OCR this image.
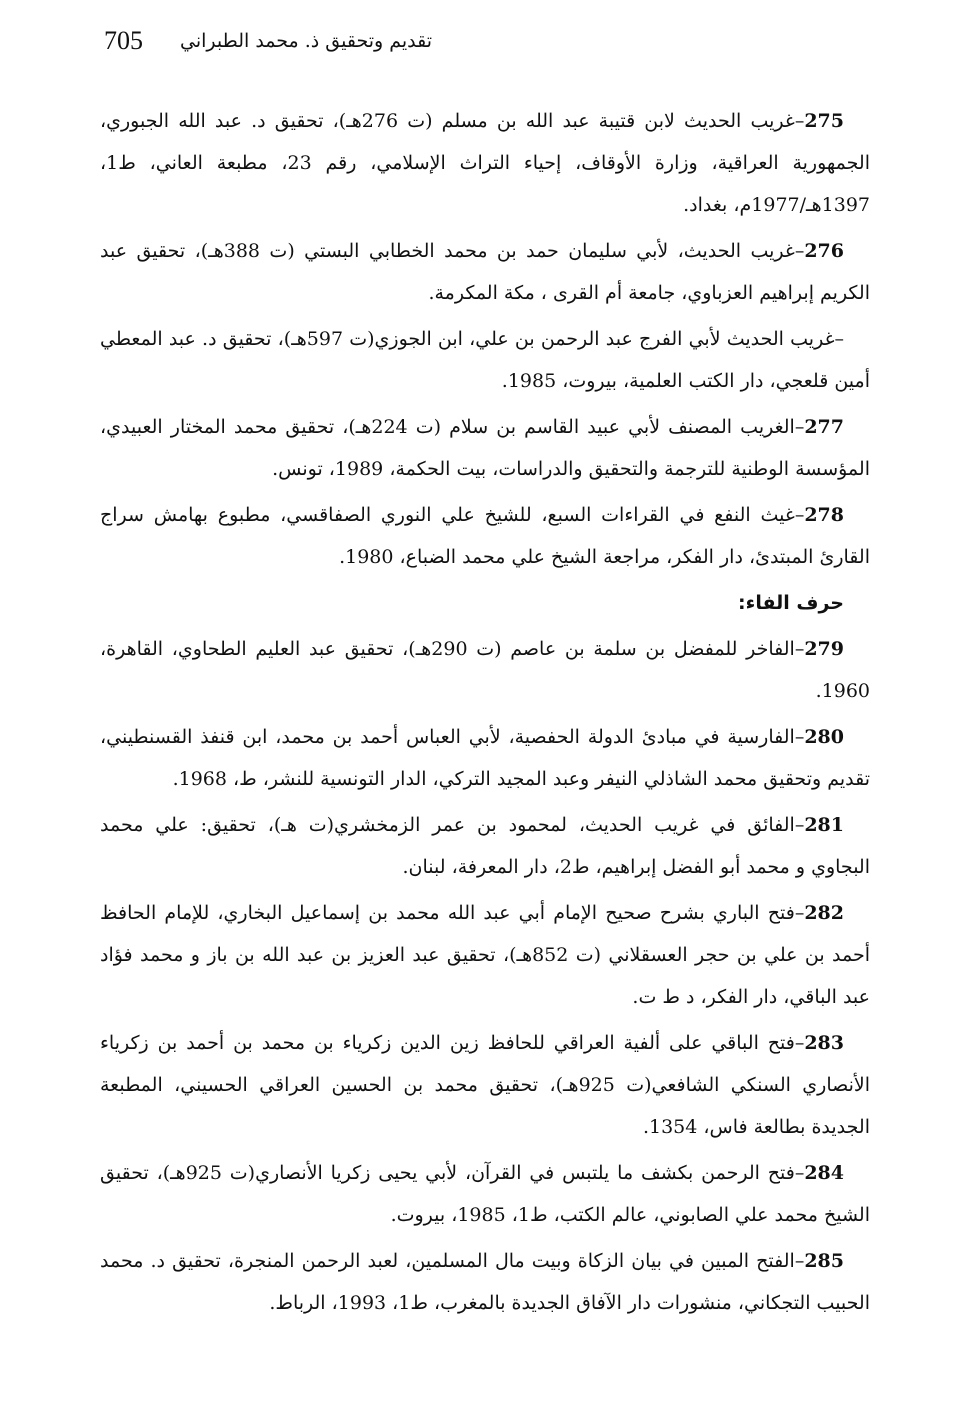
705 تقديم وتحقيق ذ. محمد الطبراني

275–غريب الحديث لابن قتيبة عبد الله بن مسلم (ت 276هـ)، تحقيق د. عبد الله الجبوري، الجمهورية العراقية، وزارة الأوقاف، إحياء التراث الإسلامي، رقم 23، مطبعة العاني، ط1، 1397هـ/1977م، بغداد.

276–غريب الحديث، لأبي سليمان حمد بن محمد الخطابي البستي (ت 388هـ)، تحقيق عبد الكريم إبراهيم العزباوي، جامعة أم القرى ، مكة المكرمة.

–غريب الحديث لأبي الفرج عبد الرحمن بن علي، ابن الجوزي(ت 597هـ)، تحقيق د. عبد المعطي أمين قلعجي، دار الكتب العلمية، بيروت، 1985.

277–الغريب المصنف لأبي عبيد القاسم بن سلام (ت 224هـ)، تحقيق محمد المختار العبيدي، المؤسسة الوطنية للترجمة والتحقيق والدراسات، بيت الحكمة، 1989، تونس.

278–غيث النفع في القراءات السبع، للشيخ علي النوري الصفاقسي، مطبوع بهامش سراج القارئ المبتدئ، دار الفكر، مراجعة الشيخ علي محمد الضباع، 1980.

حرف الفاء:

279–الفاخر للمفضل بن سلمة بن عاصم (ت 290هـ)، تحقيق عبد العليم الطحاوي، القاهرة، 1960.

280–الفارسية في مبادئ الدولة الحفصية، لأبي العباس أحمد بن محمد، ابن قنفذ القسنطيني، تقديم وتحقيق محمد الشاذلي النيفر وعبد المجيد التركي، الدار التونسية للنشر، ط، 1968.

281–الفائق في غريب الحديث، لمحمود بن عمر الزمخشري(ت هـ)، تحقيق: علي محمد البجاوي و محمد أبو الفضل إبراهيم، ط2، دار المعرفة، لبنان.

282–فتح الباري بشرح صحيح الإمام أبي عبد الله محمد بن إسماعيل البخاري، للإمام الحافظ أحمد بن علي بن حجر العسقلاني (ت 852هـ)، تحقيق عبد العزيز بن عبد الله بن باز و محمد فؤاد عبد الباقي، دار الفكر، د ط ت.

283–فتح الباقي على ألفية العراقي للحافظ زين الدين زكرياء بن محمد بن أحمد بن زكرياء الأنصاري السنكي الشافعي(ت 925هـ)، تحقيق محمد بن الحسين العراقي الحسيني، المطبعة الجديدة بطالعة فاس، 1354.

284–فتح الرحمن بكشف ما يلتبس في القرآن، لأبي يحيى زكريا الأنصاري(ت 925هـ)، تحقيق الشيخ محمد علي الصابوني، عالم الكتب، ط1، 1985، بيروت.

285–الفتح المبين في بيان الزكاة وبيت مال المسلمين، لعبد الرحمن المنجرة، تحقيق د. محمد الحبيب التجكاني، منشورات دار الآفاق الجديدة بالمغرب، ط1، 1993، الرباط.
